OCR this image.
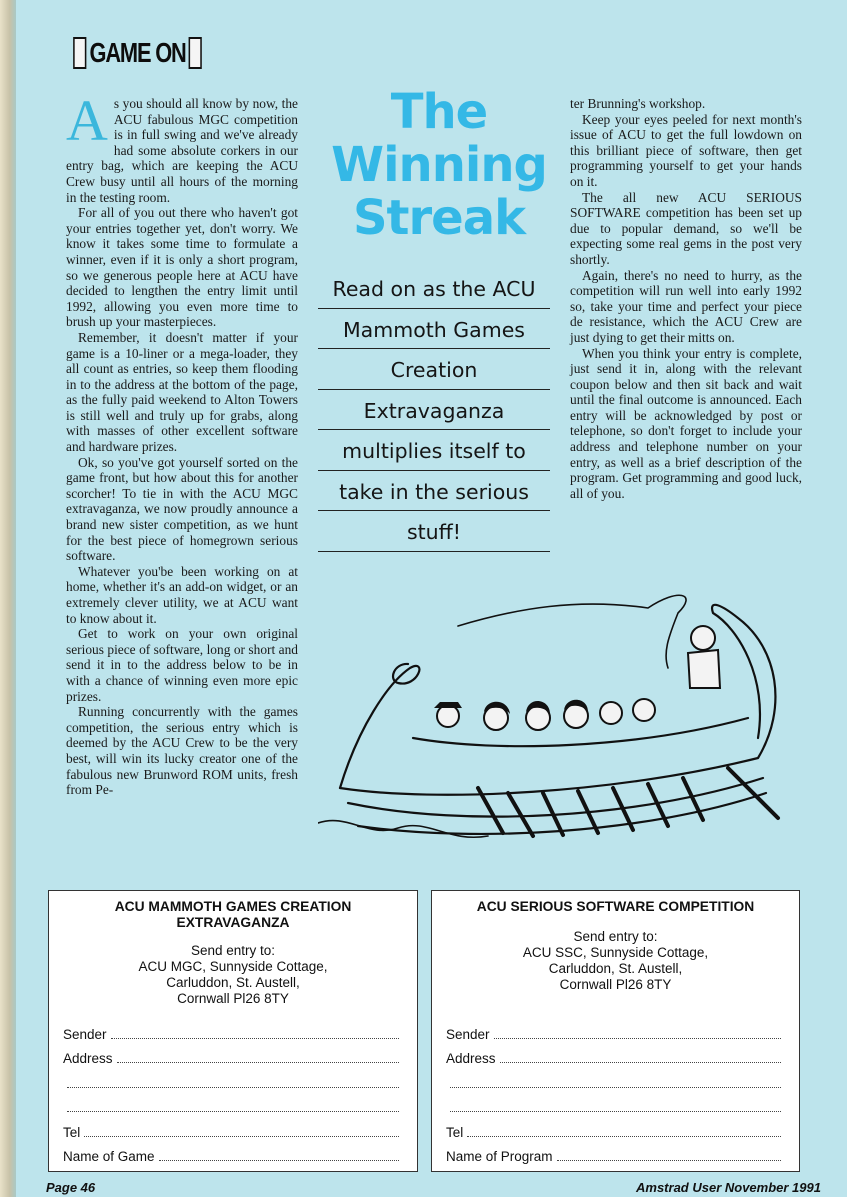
GAME ON

As you should all know by now, the ACU fabulous MGC competition is in full swing and we've already had some absolute corkers in our entry bag, which are keeping the ACU Crew busy until all hours of the morning in the testing room.

For all of you out there who haven't got your entries together yet, don't worry. We know it takes some time to formulate a winner, even if it is only a short program, so we generous people here at ACU have decided to lengthen the entry limit until 1992, allowing you even more time to brush up your masterpieces.

Remember, it doesn't matter if your game is a 10-liner or a mega-loader, they all count as entries, so keep them flooding in to the address at the bottom of the page, as the fully paid weekend to Alton Towers is still well and truly up for grabs, along with masses of other excellent software and hardware prizes.

Ok, so you've got yourself sorted on the game front, but how about this for another scorcher! To tie in with the ACU MGC extravaganza, we now proudly announce a brand new sister competition, as we hunt for the best piece of homegrown serious software.

Whatever you'be been working on at home, whether it's an add-on widget, or an extremely clever utility, we at ACU want to know about it.

Get to work on your own original serious piece of software, long or short and send it in to the address below to be in with a chance of winning even more epic prizes.

Running concurrently with the games competition, the serious entry which is deemed by the ACU Crew to be the very best, will win its lucky creator one of the fabulous new Brunword ROM units, fresh from Pe-

The
Winning
Streak
Read on as the ACU
Mammoth Games
Creation
Extravaganza
multiplies itself to
take in the serious
stuff!

ter Brunning's workshop.

Keep your eyes peeled for next month's issue of ACU to get the full lowdown on this brilliant piece of software, then get programming yourself to get your hands on it.

The all new ACU SERIOUS SOFTWARE competition has been set up due to popular demand, so we'll be expecting some real gems in the post very shortly.

Again, there's no need to hurry, as the competition will run well into early 1992 so, take your time and perfect your piece de resistance, which the ACU Crew are just dying to get their mitts on.

When you think your entry is complete, just send it in, along with the relevant coupon below and then sit back and wait until the final outcome is announced. Each entry will be acknowledged by post or telephone, so don't forget to include your address and telephone number on your entry, as well as a brief description of the program. Get programming and good luck, all of you.

ACU MAMMOTH GAMES CREATION EXTRAVAGANZA
Send entry to:
ACU MGC, Sunnyside Cottage,
Carluddon, St. Austell,
Cornwall Pl26 8TY
Sender
Address
Tel
Name of Game
ACU SERIOUS SOFTWARE COMPETITION
Send entry to:
ACU SSC, Sunnyside Cottage,
Carluddon, St. Austell,
Cornwall Pl26 8TY
Sender
Address
Tel
Name of Program
Page 46	Amstrad User November 1991
